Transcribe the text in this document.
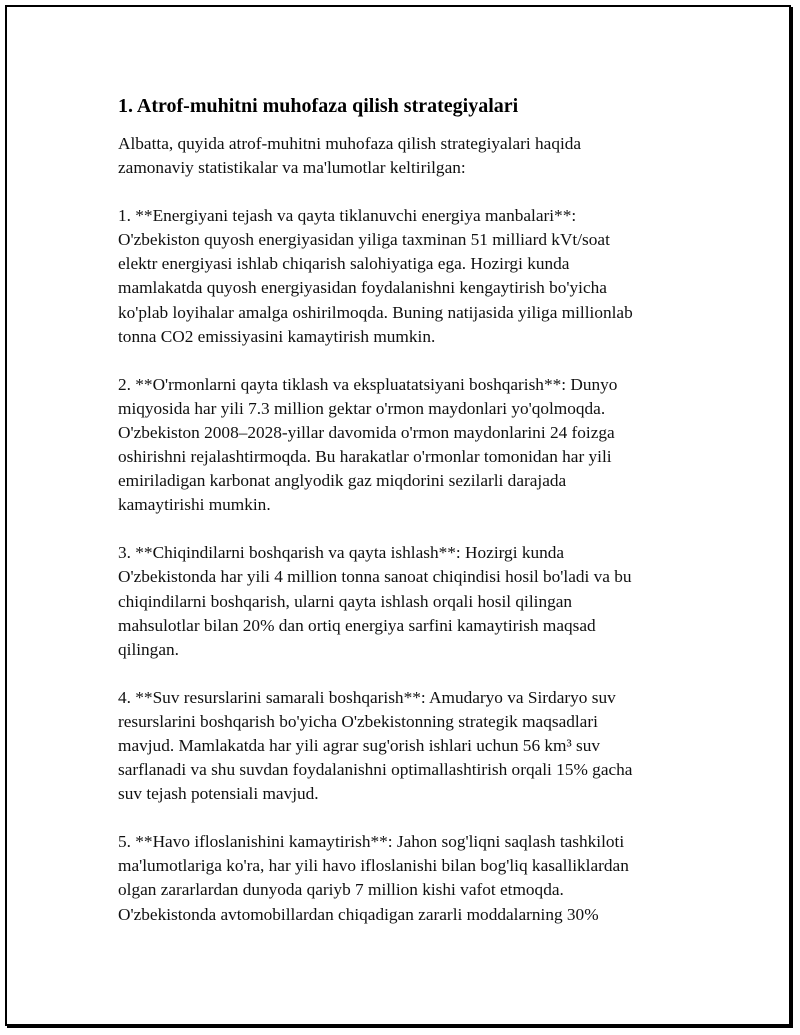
1. Atrof-muhitni muhofaza qilish strategiyalari

Albatta, quyida atrof-muhitni muhofaza qilish strategiyalari haqida
zamonaviy statistikalar va ma'lumotlar keltirilgan:

1. **Energiyani tejash va qayta tiklanuvchi energiya manbalari**:
O'zbekiston quyosh energiyasidan yiliga taxminan 51 milliard kVt/soat
elektr energiyasi ishlab chiqarish salohiyatiga ega. Hozirgi kunda
mamlakatda quyosh energiyasidan foydalanishni kengaytirish bo'yicha
ko'plab loyihalar amalga oshirilmoqda. Buning natijasida yiliga millionlab
tonna CO2 emissiyasini kamaytirish mumkin.

2. **O'rmonlarni qayta tiklash va ekspluatatsiyani boshqarish**: Dunyo
miqyosida har yili 7.3 million gektar o'rmon maydonlari yo'qolmoqda.
O'zbekiston 2008–2028-yillar davomida o'rmon maydonlarini 24 foizga
oshirishni rejalashtirmoqda. Bu harakatlar o'rmonlar tomonidan har yili
emiriladigan karbonat anglyodik gaz miqdorini sezilarli darajada
kamaytirishi mumkin.

3. **Chiqindilarni boshqarish va qayta ishlash**: Hozirgi kunda
O'zbekistonda har yili 4 million tonna sanoat chiqindisi hosil bo'ladi va bu
chiqindilarni boshqarish, ularni qayta ishlash orqali hosil qilingan
mahsulotlar bilan 20% dan ortiq energiya sarfini kamaytirish maqsad
qilingan.

4. **Suv resurslarini samarali boshqarish**: Amudaryo va Sirdaryo suv
resurslarini boshqarish bo'yicha O'zbekistonning strategik maqsadlari
mavjud. Mamlakatda har yili agrar sug'orish ishlari uchun 56 km³ suv
sarflanadi va shu suvdan foydalanishni optimallashtirish orqali 15% gacha
suv tejash potensiali mavjud.

5. **Havo ifloslanishini kamaytirish**: Jahon sog'liqni saqlash tashkiloti
ma'lumotlariga ko'ra, har yili havo ifloslanishi bilan bog'liq kasalliklardan
olgan zararlardan dunyoda qariyb 7 million kishi vafot etmoqda.
O'zbekistonda avtomobillardan chiqadigan zararli moddalarning 30%
